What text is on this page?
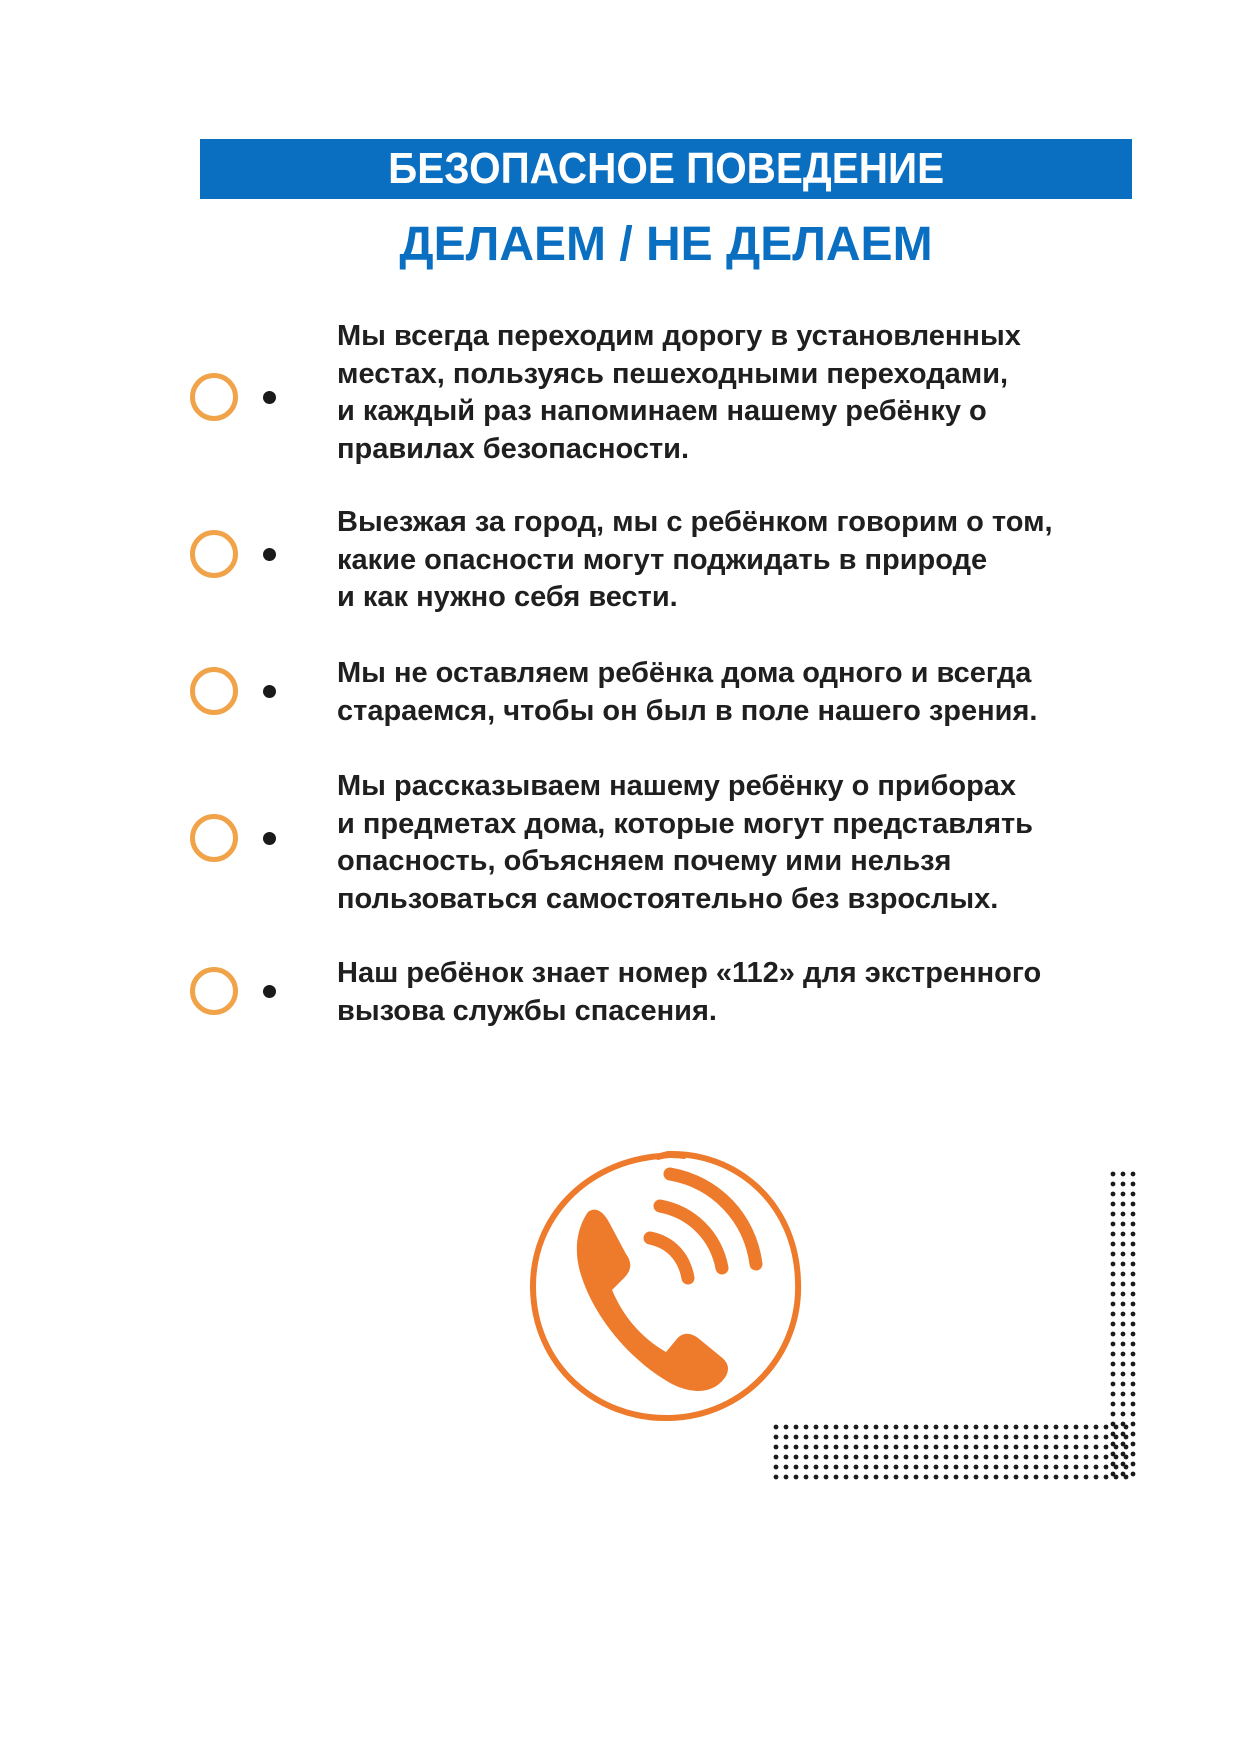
БЕЗОПАСНОЕ ПОВЕДЕНИЕ
ДЕЛАЕМ / НЕ ДЕЛАЕМ
Мы всегда переходим дорогу в установленных
местах, пользуясь пешеходными переходами,
и каждый раз напоминаем нашему ребёнку о
правилах безопасности.
Выезжая за город, мы с ребёнком говорим о том,
какие опасности могут поджидать в природе
и как нужно себя вести.
Мы не оставляем ребёнка дома одного и всегда
стараемся, чтобы он был в поле нашего зрения.
Мы рассказываем нашему ребёнку о приборах
и предметах дома, которые могут представлять
опасность, объясняем почему ими нельзя
пользоваться самостоятельно без взрослых.
Наш ребёнок знает номер «112» для экстренного
вызова службы спасения.
